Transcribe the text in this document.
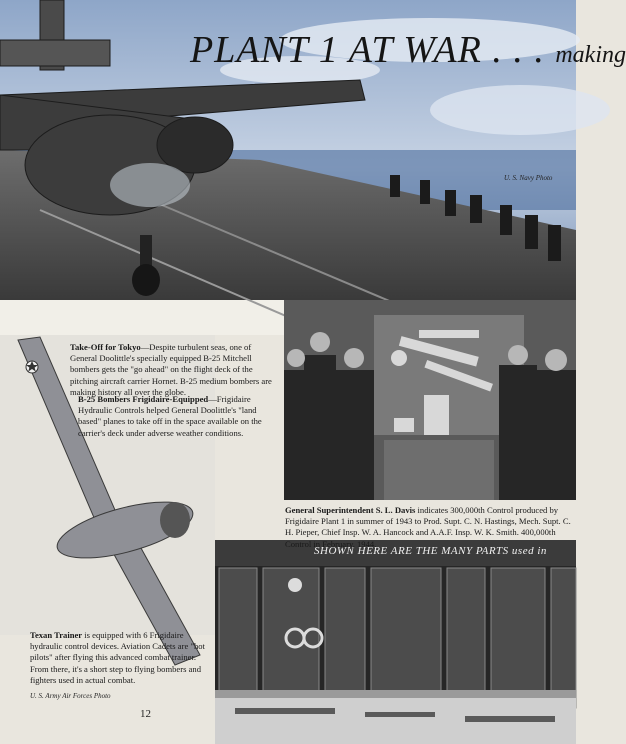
U. S. Navy Photo
PLANT 1 AT WAR . . . making
SHOWN HERE ARE THE MANY PARTS used in
Take-Off for Tokyo—Despite turbulent seas, one of General Doolittle's specially equipped B-25 Mitchell bombers gets the "go ahead" on the flight deck of the pitching aircraft carrier Hornet. B-25 medium bombers are making history all over the globe.
B-25 Bombers Frigidaire-Equipped—Frigidaire Hydraulic Controls helped General Doolittle's "land based" planes to take off in the space available on the carrier's deck under adverse weather conditions.
General Superintendent S. L. Davis indicates 300,000th Control produced by Frigidaire Plant 1 in summer of 1943 to Prod. Supt. C. N. Hastings, Mech. Supt. C. H. Pieper, Chief Insp. W. A. Hancock and A.A.F. Insp. W. K. Smith. 400,000th Control in February, 1944.
Texan Trainer is equipped with 6 Frigidaire hydraulic control devices. Aviation Cadets are "hot pilots" after flying this advanced combat trainer. From there, it's a short step to flying bombers and fighters used in actual combat.
U. S. Army Air Forces Photo
12
